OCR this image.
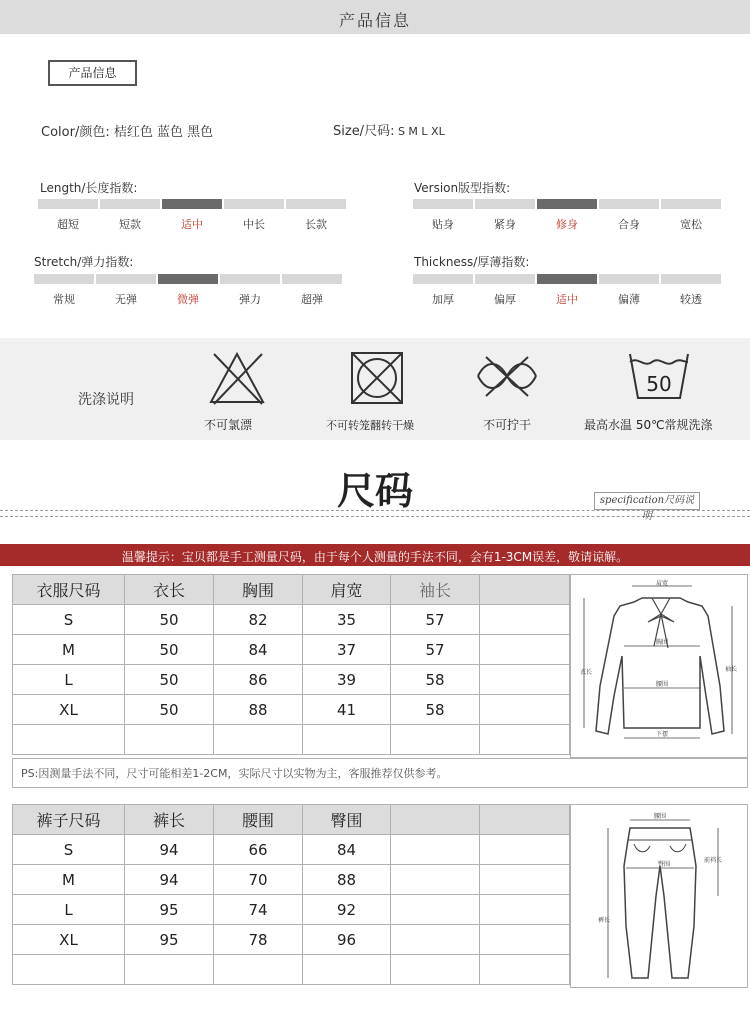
产品信息
产品信息
Color/颜色: 桔红色 蓝色 黑色	Size/尺码: S M L XL
Length/长度指数:
超短	短款	适中	中长	长款
Version版型指数:
贴身	紧身	修身	合身	宽松
Stretch/弹力指数:
常规	无弹	微弹	弹力	超弹
Thickness/厚薄指数:
加厚	偏厚	适中	偏薄	较透
洗涤说明
不可氯漂	不可转笼翻转干燥	不可拧干
50
最高水温 50℃常规洗涤
尺码	specification尺码说明
温馨提示：宝贝都是手工测量尺码，由于每个人测量的手法不同，会有1-3CM误差，敬请谅解。
衣服尺码	衣长	胸围	肩宽	袖长	
S	50	82	35	57	
M	50	84	37	57	
L	50	86	39	58	
XL	50	88	41	58	

PS:因测量手法不同，尺寸可能相差1-2CM，实际尺寸以实物为主，客服推荐仅供参考。
肩宽
胸围
腰围
下摆
衣长	袖长
裤子尺码	裤长	腰围	臀围		
S	94	66	84		
M	94	70	88		
L	95	74	92		
XL	95	78	96		

腰围
臀围
前裆长
裤长
